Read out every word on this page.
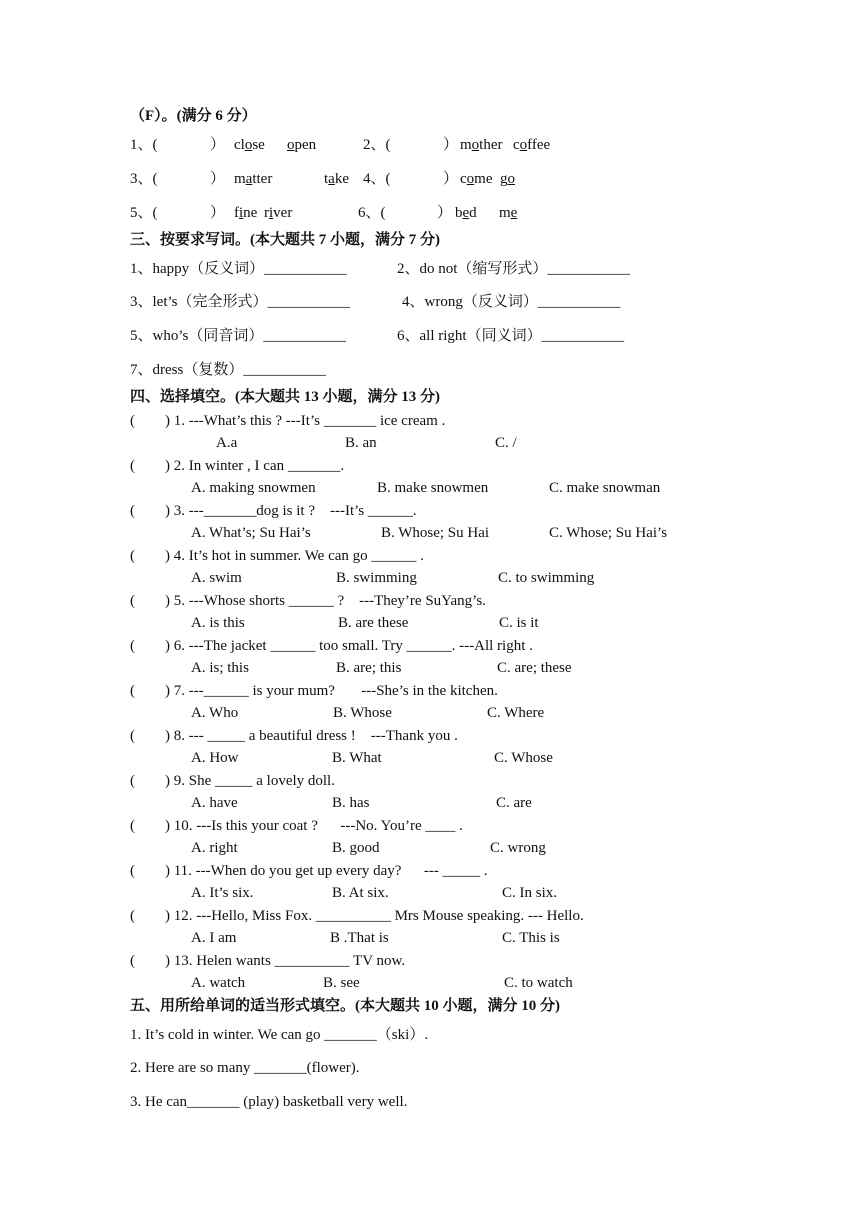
（F）。(满分 6 分）
1、(	） close open	2、(	） mother coffee
3、(	） matter	take 4、(	） come go
5、(	） fine river	6、(	） bed me
三、按要求写词。(本大题共 7 小题，满分 7 分)
1、happy（反义词）___________	2、do not（缩写形式）___________
3、let’s（完全形式）___________	4、wrong（反义词）___________
5、who’s（同音词）___________	6、all right（同义词）___________
7、dress（复数）___________
四、选择填空。(本大题共 13 小题，满分 13 分)
(        ) 1. ---What’s this ? ---It’s _______ ice cream .
A.a	B. an	C. /
(        ) 2. In winter , I can _______.
A. making snowmen	B. make snowmen	C. make snowman
(        ) 3. ---_______dog is it ?    ---It’s ______.
A. What’s; Su Hai’s	B. Whose; Su Hai	C. Whose; Su Hai’s
(        ) 4. It’s hot in summer. We can go ______ .
A. swim	B. swimming	C. to swimming
(        ) 5. ---Whose shorts ______ ?    ---They’re SuYang’s.
A. is this	B. are these	C. is it
(        ) 6. ---The jacket ______ too small. Try ______. ---All right .
A. is; this	B. are; this	C. are; these
(        ) 7. ---______ is your mum?       ---She’s in the kitchen.
A. Who	B. Whose	C. Where
(        ) 8. --- _____ a beautiful dress !    ---Thank you .
A. How	B. What	C. Whose
(        ) 9. She _____ a lovely doll.
A. have	B. has	C. are
(        ) 10. ---Is this your coat ?      ---No. You’re ____ .
A. right	B. good	C. wrong
(        ) 11. ---When do you get up every day?      --- _____ .
A. It’s six.	B. At six.	C. In six.
(        ) 12. ---Hello, Miss Fox. __________ Mrs Mouse speaking. --- Hello.
A. I am	B .That is	C. This is
(        ) 13. Helen wants __________ TV now.
A. watch	B. see	C. to watch
五、用所给单词的适当形式填空。(本大题共 10 小题，满分 10 分)
1. It’s cold in winter. We can go _______（ski）.
2. Here are so many _______(flower).
3. He can_______ (play) basketball very well.
